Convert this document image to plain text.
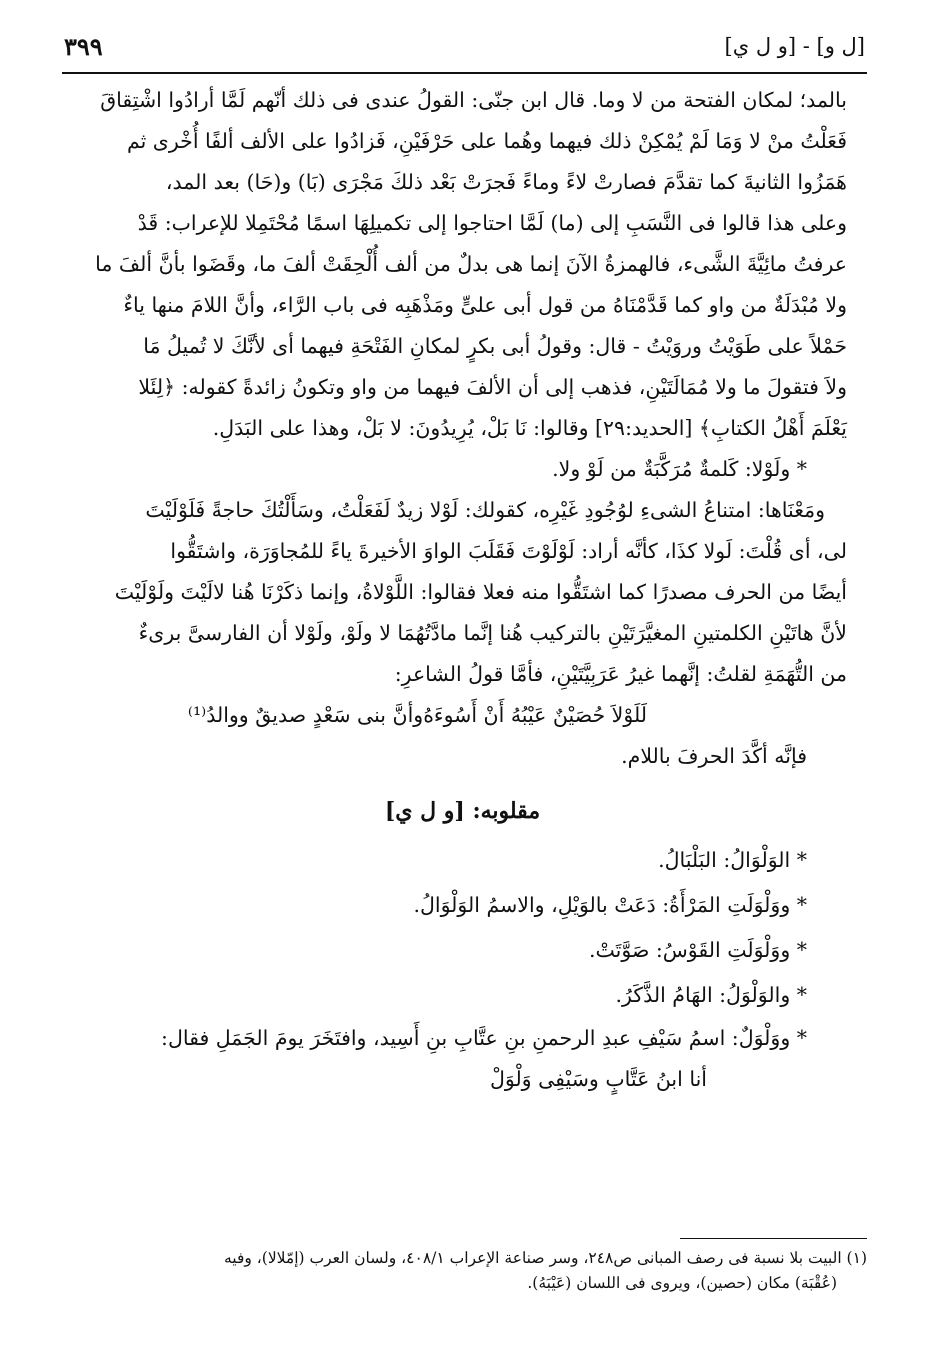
٣٩٩	[ل و] - [و ل ي]

بالمد؛ لمكان الفتحة من لا وما. قال ابن جنّى: القولُ عندى فى ذلك أنّهم لَمَّا أرادُوا اشْتِقاقَ

فَعَلْتُ منْ لا وَمَا لَمْ يُمْكِنْ ذلك فيهما وهُما على حَرْفَيْنِ، فَزادُوا على الألف ألفًا أُخْرى ثم

هَمَزُوا الثانيةَ كما تقدَّمَ فصارتْ لاءً وماءً فَجرَتْ بَعْد ذلكَ مَجْرَى (بَا) و(حَا) بعد المد،

وعلى هذا قالوا فى النَّسَبِ إلى (ما) لَمَّا احتاجوا إلى تكميلِهَا اسمًا مُحْتَمِلا للإعراب: قَدْ

عرفتُ مائِيَّةَ الشَّىء، فالهمزةُ الآنَ إنما هى بدلٌ من ألف أُلْحِقَتْ ألفَ ما، وقَضَوا بأنَّ ألفَ ما

ولا مُبْدَلَةٌ من واو كما قَدَّمْنَاهُ من قول أبى علىٍّ ومَذْهَبِه فى باب الرَّاء، وأنَّ اللامَ منها ياءٌ

حَمْلاً على طَوَيْتُ وروَيْتُ - قال: وقولُ أبى بكرٍ لمكانِ الفَتْحَةِ فيهما أى لأنَّكَ لا تُميلُ مَا

ولاَ فتقولَ ما ولا مُمَالَتَيْنِ، فذهب إلى أن الألفَ فيهما من واو وتكونُ زائدةً كقوله: ﴿لِئَلا

يَعْلَمَ أَهْلُ الكتابِ﴾ [الحديد:٢٩] وقالوا: نَا بَلْ، يُرِيدُونَ: لا بَلْ، وهذا على البَدَلِ.

* ولَوْلا: كَلمةٌ مُرَكَّبَةٌ من لَوْ ولا.

ومَعْنَاها: امتناعُ الشىءِ لوُجُودِ غَيْرِه، كقولك: لَوْلا زيدٌ لَفَعَلْتُ، وسَأَلْتُكَ حاجةً فَلَوْلَيْتَ

لى، أى قُلْتَ: لَولا كذَا، كأنَّه أراد: لَوْلَوْتَ فَقَلَبَ الواوَ الأخيرةَ ياءً للمُجاوَرَة، واشتَقُّوا

أيضًا من الحرف مصدرًا كما اشتَقُّوا منه فعلا فقالوا: اللَّوْلاةُ، وإنما ذكَرْنَا هُنا لالَيْتَ ولَوْلَيْتَ

لأنَّ هاتَيْنِ الكلمتينِ المغيَّرَتَيْنِ بالتركيب هُنا إنَّما مادَّتُهُمَا لا ولَوْ، ولَوْلا أن الفارسىَّ برىءٌ

من التُّهَمَةِ لقلتُ: إنَّهما غيرُ عَرَبِيَّتَيْنِ، فأمَّا قولُ الشاعرِ:

لَلَوْلاَ حُصَيْنٌ عَيْبُهُ أَنْ أَسُوءَهُ
وأنَّ بنى سَعْدٍ صديقٌ ووالدُ⁽¹⁾

فإنَّه أكَّدَ الحرفَ باللام.

مقلوبه: [و ل ي]

* الوَلْوَالُ: البَلْبَالُ.

* ووَلْوَلَتِ المَرْأَةُ: دَعَتْ بالوَيْلِ، والاسمُ الوَلْوَالُ.

* ووَلْوَلَتِ القَوْسُ: صَوَّتَتْ.

* والوَلْوَلُ: الهَامُ الذَّكَرُ.

* ووَلْوَلٌ: اسمُ سَيْفِ عبدِ الرحمنِ بنِ عتَّابِ بنِ أَسِيد، وافتَخَرَ يومَ الجَمَلِ فقال:

أنا ابنُ عَتَّابٍ وسَيْفِى وَلْوَلْ

(١) البيت بلا نسبة فى رصف المبانى ص٢٤٨، وسر صناعة الإعراب ٤٠٨/١، ولسان العرب (إمّلالا)، وفيه
(عُقْبَة) مكان (حصين)، ويروى فى اللسان (عَيْبَهُ).
